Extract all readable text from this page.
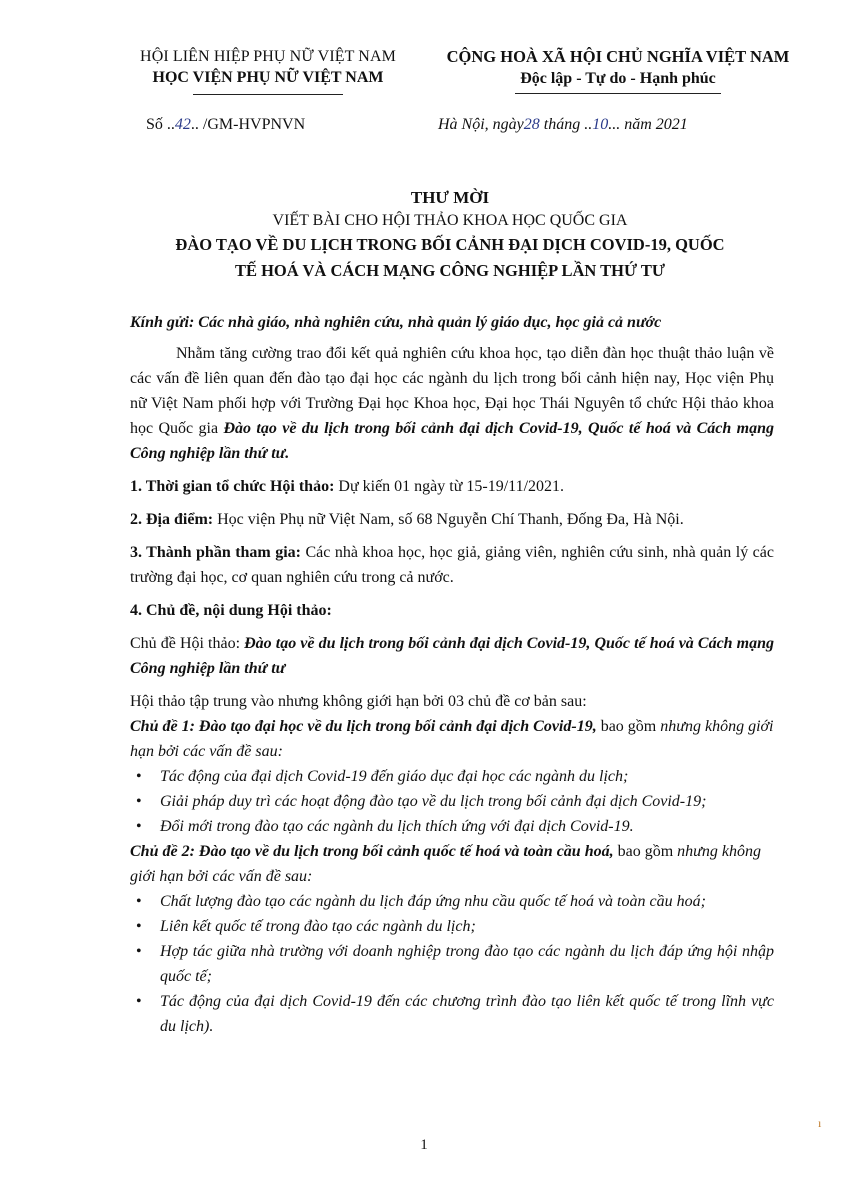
HỘI LIÊN HIỆP PHỤ NỮ VIỆT NAM
HỌC VIỆN PHỤ NỮ VIỆT NAM
CỘNG HOÀ XÃ HỘI CHỦ NGHĨA VIỆT NAM
Độc lập - Tự do - Hạnh phúc
Số ..42.. /GM-HVPNVN	Hà Nội, ngày28 tháng ..10... năm 2021
THƯ MỜI
VIẾT BÀI CHO HỘI THẢO KHOA HỌC QUỐC GIA
ĐÀO TẠO VỀ DU LỊCH TRONG BỐI CẢNH ĐẠI DỊCH COVID-19, QUỐC
TẾ HOÁ VÀ CÁCH MẠNG CÔNG NGHIỆP LẦN THỨ TƯ

Kính gửi: Các nhà giáo, nhà nghiên cứu, nhà quản lý giáo dục, học giả cả nước

Nhằm tăng cường trao đổi kết quả nghiên cứu khoa học, tạo diễn đàn học thuật thảo luận về các vấn đề liên quan đến đào tạo đại học các ngành du lịch trong bối cảnh hiện nay, Học viện Phụ nữ Việt Nam phối hợp với Trường Đại học Khoa học, Đại học Thái Nguyên tổ chức Hội thảo khoa học Quốc gia Đào tạo về du lịch trong bối cảnh đại dịch Covid-19, Quốc tế hoá và Cách mạng Công nghiệp lần thứ tư.

1. Thời gian tổ chức Hội thảo: Dự kiến 01 ngày từ 15-19/11/2021.

2. Địa điểm: Học viện Phụ nữ Việt Nam, số 68 Nguyễn Chí Thanh, Đống Đa, Hà Nội.

3. Thành phần tham gia: Các nhà khoa học, học giả, giảng viên, nghiên cứu sinh, nhà quản lý các trường đại học, cơ quan nghiên cứu trong cả nước.

4. Chủ đề, nội dung Hội thảo:

Chủ đề Hội thảo: Đào tạo về du lịch trong bối cảnh đại dịch Covid-19, Quốc tế hoá và Cách mạng Công nghiệp lần thứ tư

Hội thảo tập trung vào nhưng không giới hạn bởi 03 chủ đề cơ bản sau:

Chủ đề 1: Đào tạo đại học về du lịch trong bối cảnh đại dịch Covid-19, bao gồm nhưng không giới hạn bởi các vấn đề sau:

• Tác động của đại dịch Covid-19 đến giáo dục đại học các ngành du lịch;
• Giải pháp duy trì các hoạt động đào tạo về du lịch trong bối cảnh đại dịch Covid-19;
• Đổi mới trong đào tạo các ngành du lịch thích ứng với đại dịch Covid-19.

Chủ đề 2: Đào tạo về du lịch trong bối cảnh quốc tế hoá và toàn cầu hoá, bao gồm nhưng không giới hạn bởi các vấn đề sau:

• Chất lượng đào tạo các ngành du lịch đáp ứng nhu cầu quốc tế hoá và toàn cầu hoá;
• Liên kết quốc tế trong đào tạo các ngành du lịch;
• Hợp tác giữa nhà trường với doanh nghiệp trong đào tạo các ngành du lịch đáp ứng hội nhập quốc tế;
• Tác động của đại dịch Covid-19 đến các chương trình đào tạo liên kết quốc tế trong lĩnh vực du lịch).
1
ı
